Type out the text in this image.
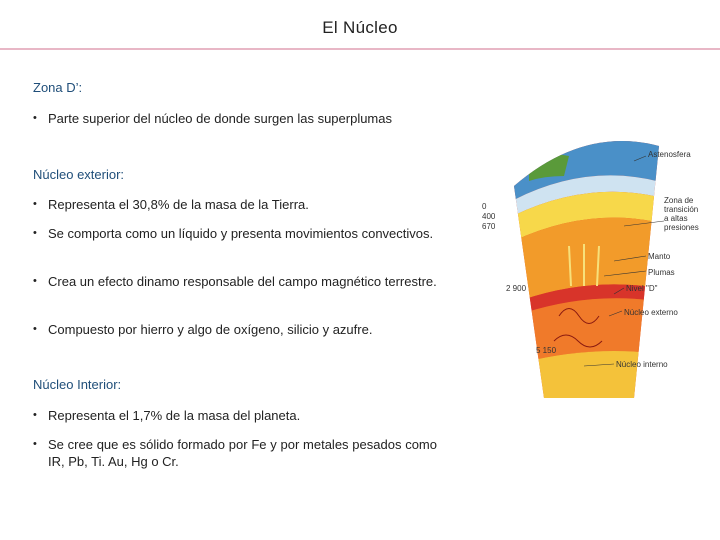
El Núcleo
Zona D’:
• Parte superior del núcleo de donde surgen las superplumas
Núcleo exterior:
• Representa el 30,8% de la masa de la Tierra.
• Se comporta como un líquido y presenta movimientos convectivos.
• Crea un efecto dinamo responsable del campo magnético terrestre.
• Compuesto por hierro y algo de oxígeno, silicio y azufre.
Núcleo Interior:
• Representa el 1,7% de la masa del planeta.
• Se cree que es sólido formado por Fe y por metales pesados como IR, Pb, Ti. Au, Hg o Cr.
0
400
670
2 900
5 150
Astenosfera
Zona de transición a altas presiones
Manto
Plumas
Nivel "D"
Núcleo externo
Núcleo interno
